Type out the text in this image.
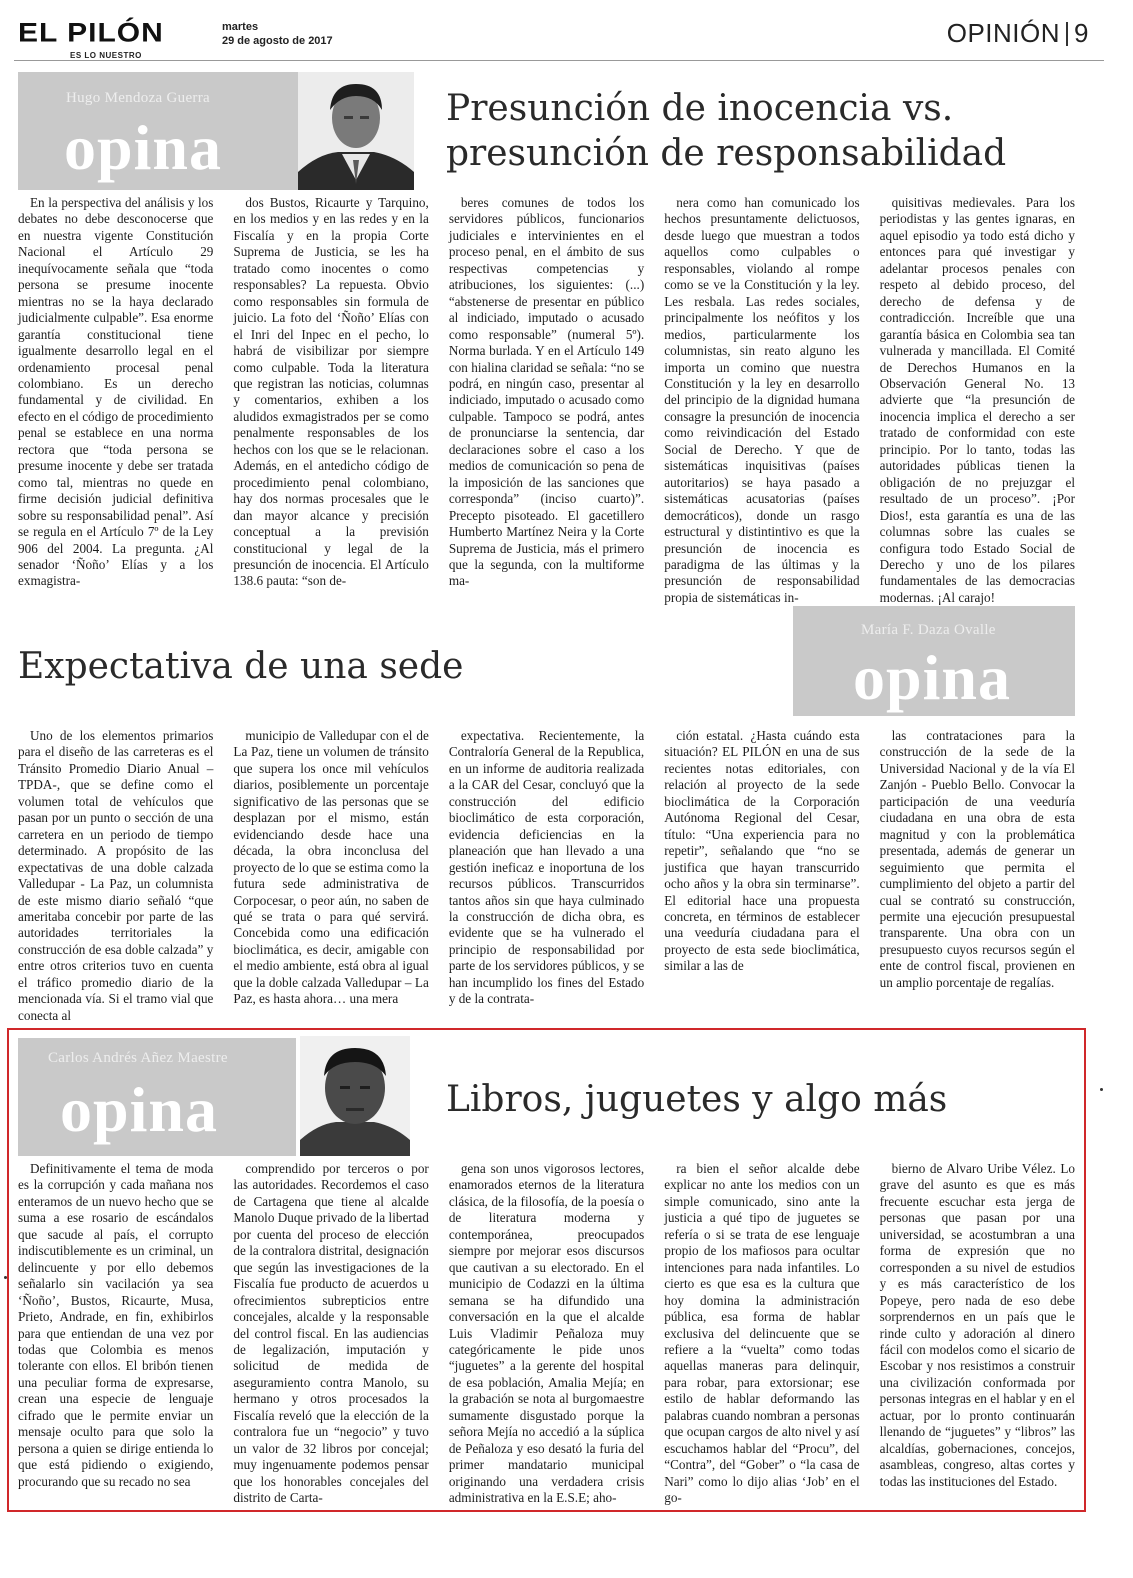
EL PILÓN
ES LO NUESTRO
martes
29 de agosto de 2017	OPINIÓN 9
Hugo Mendoza Guerra
opina
Presunción de inocencia vs. presunción de responsabilidad

En la perspectiva del análisis y los debates no debe desconocerse que en nuestra vigente Constitución Nacional el Artículo 29 inequívocamente señala que “toda persona se presume inocente mientras no se la haya declarado judicialmente culpable”. Esa enorme garantía constitucional tiene igualmente desarrollo legal en el ordenamiento procesal penal colombiano. Es un derecho fundamental y de civilidad. En efecto en el código de procedimiento penal se establece en una norma rectora que “toda persona se presume inocente y debe ser tratada como tal, mientras no quede en firme decisión judicial definitiva sobre su responsabilidad penal”. Así se regula en el Artículo 7º de la Ley 906 del 2004. La pregunta. ¿Al senador ‘Ñoño’ Elías y a los exmagistra-

dos Bustos, Ricaurte y Tarquino, en los medios y en las redes y en la Fiscalía y en la propia Corte Suprema de Justicia, se les ha tratado como inocentes o como responsables? La repuesta. Obvio como responsables sin formula de juicio. La foto del ‘Ñoño’ Elías con el Inri del Inpec en el pecho, lo habrá de visibilizar por siempre como culpable. Toda la literatura que registran las noticias, columnas y comentarios, exhiben a los aludidos exmagistrados per se como penalmente responsables de los hechos con los que se le relacionan. Además, en el antedicho código de procedimiento penal colombiano, hay dos normas procesales que le dan mayor alcance y precisión conceptual a la previsión constitucional y legal de la presunción de inocencia. El Artículo 138.6 pauta: “son de-

beres comunes de todos los servidores públicos, funcionarios judiciales e intervinientes en el proceso penal, en el ámbito de sus respectivas competencias y atribuciones, los siguientes: (...) “abstenerse de presentar en público al indiciado, imputado o acusado como responsable” (numeral 5º). Norma burlada. Y en el Artículo 149 con hialina claridad se señala: “no se podrá, en ningún caso, presentar al indiciado, imputado o acusado como culpable. Tampoco se podrá, antes de pronunciarse la sentencia, dar declaraciones sobre el caso a los medios de comunicación so pena de la imposición de las sanciones que corresponda” (inciso cuarto)”. Precepto pisoteado. El gacetillero Humberto Martínez Neira y la Corte Suprema de Justicia, más el primero que la segunda, con la multiforme ma-

nera como han comunicado los hechos presuntamente delictuosos, desde luego que muestran a todos aquellos como culpables o responsables, violando al rompe como se ve la Constitución y la ley. Les resbala. Las redes sociales, principalmente los neófitos y los medios, particularmente los columnistas, sin reato alguno les importa un comino que nuestra Constitución y la ley en desarrollo del principio de la dignidad humana consagre la presunción de inocencia como reivindicación del Estado Social de Derecho. Y que de sistemáticas inquisitivas (países autoritarios) se haya pasado a sistemáticas acusatorias (países democráticos), donde un rasgo estructural y distintintivo es que la presunción de inocencia es paradigma de las últimas y la presunción de responsabilidad propia de sistemáticas in-

quisitivas medievales. Para los periodistas y las gentes ignaras, en aquel episodio ya todo está dicho y entonces para qué investigar y adelantar procesos penales con respeto al debido proceso, del derecho de defensa y de contradicción. Increíble que una garantía básica en Colombia sea tan vulnerada y mancillada. El Comité de Derechos Humanos en la Observación General No. 13 advierte que “la presunción de inocencia implica el derecho a ser tratado de conformidad con este principio. Por lo tanto, todas las autoridades públicas tienen la obligación de no prejuzgar el resultado de un proceso”. ¡Por Dios!, esta garantía es una de las columnas sobre las cuales se configura todo Estado Social de Derecho y uno de los pilares fundamentales de las democracias modernas. ¡Al carajo!

Expectativa de una sede
María F. Daza Ovalle
opina

Uno de los elementos primarios para el diseño de las carreteras es el Tránsito Promedio Diario Anual –TPDA-, que se define como el volumen total de vehículos que pasan por un punto o sección de una carretera en un periodo de tiempo determinado. A propósito de las expectativas de una doble calzada Valledupar - La Paz, un columnista de este mismo diario señaló “que ameritaba concebir por parte de las autoridades territoriales la construcción de esa doble calzada” y entre otros criterios tuvo en cuenta el tráfico promedio diario de la mencionada vía. Si el tramo vial que conecta al

municipio de Valledupar con el de La Paz, tiene un volumen de tránsito que supera los once mil vehículos diarios, posiblemente un porcentaje significativo de las personas que se desplazan por el mismo, están evidenciando desde hace una década, la obra inconclusa del proyecto de lo que se estima como la futura sede administrativa de Corpocesar, o peor aún, no saben de qué se trata o para qué servirá. Concebida como una edificación bioclimática, es decir, amigable con el medio ambiente, está obra al igual que la doble calzada Valledupar – La Paz, es hasta ahora… una mera

expectativa. Recientemente, la Contraloría General de la Republica, en un informe de auditoria realizada a la CAR del Cesar, concluyó que la construcción del edificio bioclimático de esta corporación, evidencia deficiencias en la planeación que han llevado a una gestión ineficaz e inoportuna de los recursos públicos. Transcurridos tantos años sin que haya culminado la construcción de dicha obra, es evidente que se ha vulnerado el principio de responsabilidad por parte de los servidores públicos, y se han incumplido los fines del Estado y de la contrata-

ción estatal. ¿Hasta cuándo esta situación? EL PILÓN en una de sus recientes notas editoriales, con relación al proyecto de la sede bioclimática de la Corporación Autónoma Regional del Cesar, título: “Una experiencia para no repetir”, señalando que “no se justifica que hayan transcurrido ocho años y la obra sin terminarse”. El editorial hace una propuesta concreta, en términos de establecer una veeduría ciudadana para el proyecto de esta sede bioclimática, similar a las de

las contrataciones para la construcción de la sede de la Universidad Nacional y de la vía El Zanjón - Pueblo Bello. Convocar la participación de una veeduría ciudadana en una obra de esta magnitud y con la problemática presentada, además de generar un seguimiento que permita el cumplimiento del objeto a partir del cual se contrató su construcción, permite una ejecución presupuestal transparente. Una obra con un presupuesto cuyos recursos según el ente de control fiscal, provienen en un amplio porcentaje de regalías.

Carlos Andrés Añez Maestre
opina	Libros, juguetes y algo más

Definitivamente el tema de moda es la corrupción y cada mañana nos enteramos de un nuevo hecho que se suma a ese rosario de escándalos que sacude al país, el corrupto indiscutiblemente es un criminal, un delincuente y por ello debemos señalarlo sin vacilación ya sea ‘Ñoño’, Bustos, Ricaurte, Musa, Prieto, Andrade, en fin, exhibirlos para que entiendan de una vez por todas que Colombia es menos tolerante con ellos. El bribón tienen una peculiar forma de expresarse, crean una especie de lenguaje cifrado que le permite enviar un mensaje oculto para que solo la persona a quien se dirige entienda lo que está pidiendo o exigiendo, procurando que su recado no sea

comprendido por terceros o por las autoridades. Recordemos el caso de Cartagena que tiene al alcalde Manolo Duque privado de la libertad por cuenta del proceso de elección de la contralora distrital, designación que según las investigaciones de la Fiscalía fue producto de acuerdos u ofrecimientos subrepticios entre concejales, alcalde y la responsable del control fiscal. En las audiencias de legalización, imputación y solicitud de medida de aseguramiento contra Manolo, su hermano y otros procesados la Fiscalía reveló que la elección de la contralora fue un “negocio” y tuvo un valor de 32 libros por concejal; muy ingenuamente podemos pensar que los honorables concejales del distrito de Carta-

gena son unos vigorosos lectores, enamorados eternos de la literatura clásica, de la filosofía, de la poesía o de literatura moderna y contemporánea, preocupados siempre por mejorar esos discursos que cautivan a su electorado. En el municipio de Codazzi en la última semana se ha difundido una conversación en la que el alcalde Luis Vladimir Peñaloza muy categóricamente le pide unos “juguetes” a la gerente del hospital de esa población, Amalia Mejía; en la grabación se nota al burgomaestre sumamente disgustado porque la señora Mejía no accedió a la súplica de Peñaloza y eso desató la furia del primer mandatario municipal originando una verdadera crisis administrativa en la E.S.E; aho-

ra bien el señor alcalde debe explicar no ante los medios con un simple comunicado, sino ante la justicia a qué tipo de juguetes se refería o si se trata de ese lenguaje propio de los mafiosos para ocultar intenciones para nada infantiles. Lo cierto es que esa es la cultura que hoy domina la administración pública, esa forma de hablar exclusiva del delincuente que se refiere a la “vuelta” como todas aquellas maneras para delinquir, para robar, para extorsionar; ese estilo de hablar deformando las palabras cuando nombran a personas que ocupan cargos de alto nivel y así escuchamos hablar del “Procu”, del “Contra”, del “Gober” o “la casa de Nari” como lo dijo alias ‘Job’ en el go-

bierno de Alvaro Uribe Vélez. Lo grave del asunto es que es más frecuente escuchar esta jerga de personas que pasan por una universidad, se acostumbran a una forma de expresión que no corresponden a su nivel de estudios y es más característico de los Popeye, pero nada de eso debe sorprendernos en un país que le rinde culto y adoración al dinero fácil con modelos como el sicario de Escobar y nos resistimos a construir una civilización conformada por personas integras en el hablar y en el actuar, por lo pronto continuarán llenando de “juguetes” y “libros” las alcaldías, gobernaciones, concejos, asambleas, congreso, altas cortes y todas las instituciones del Estado.
